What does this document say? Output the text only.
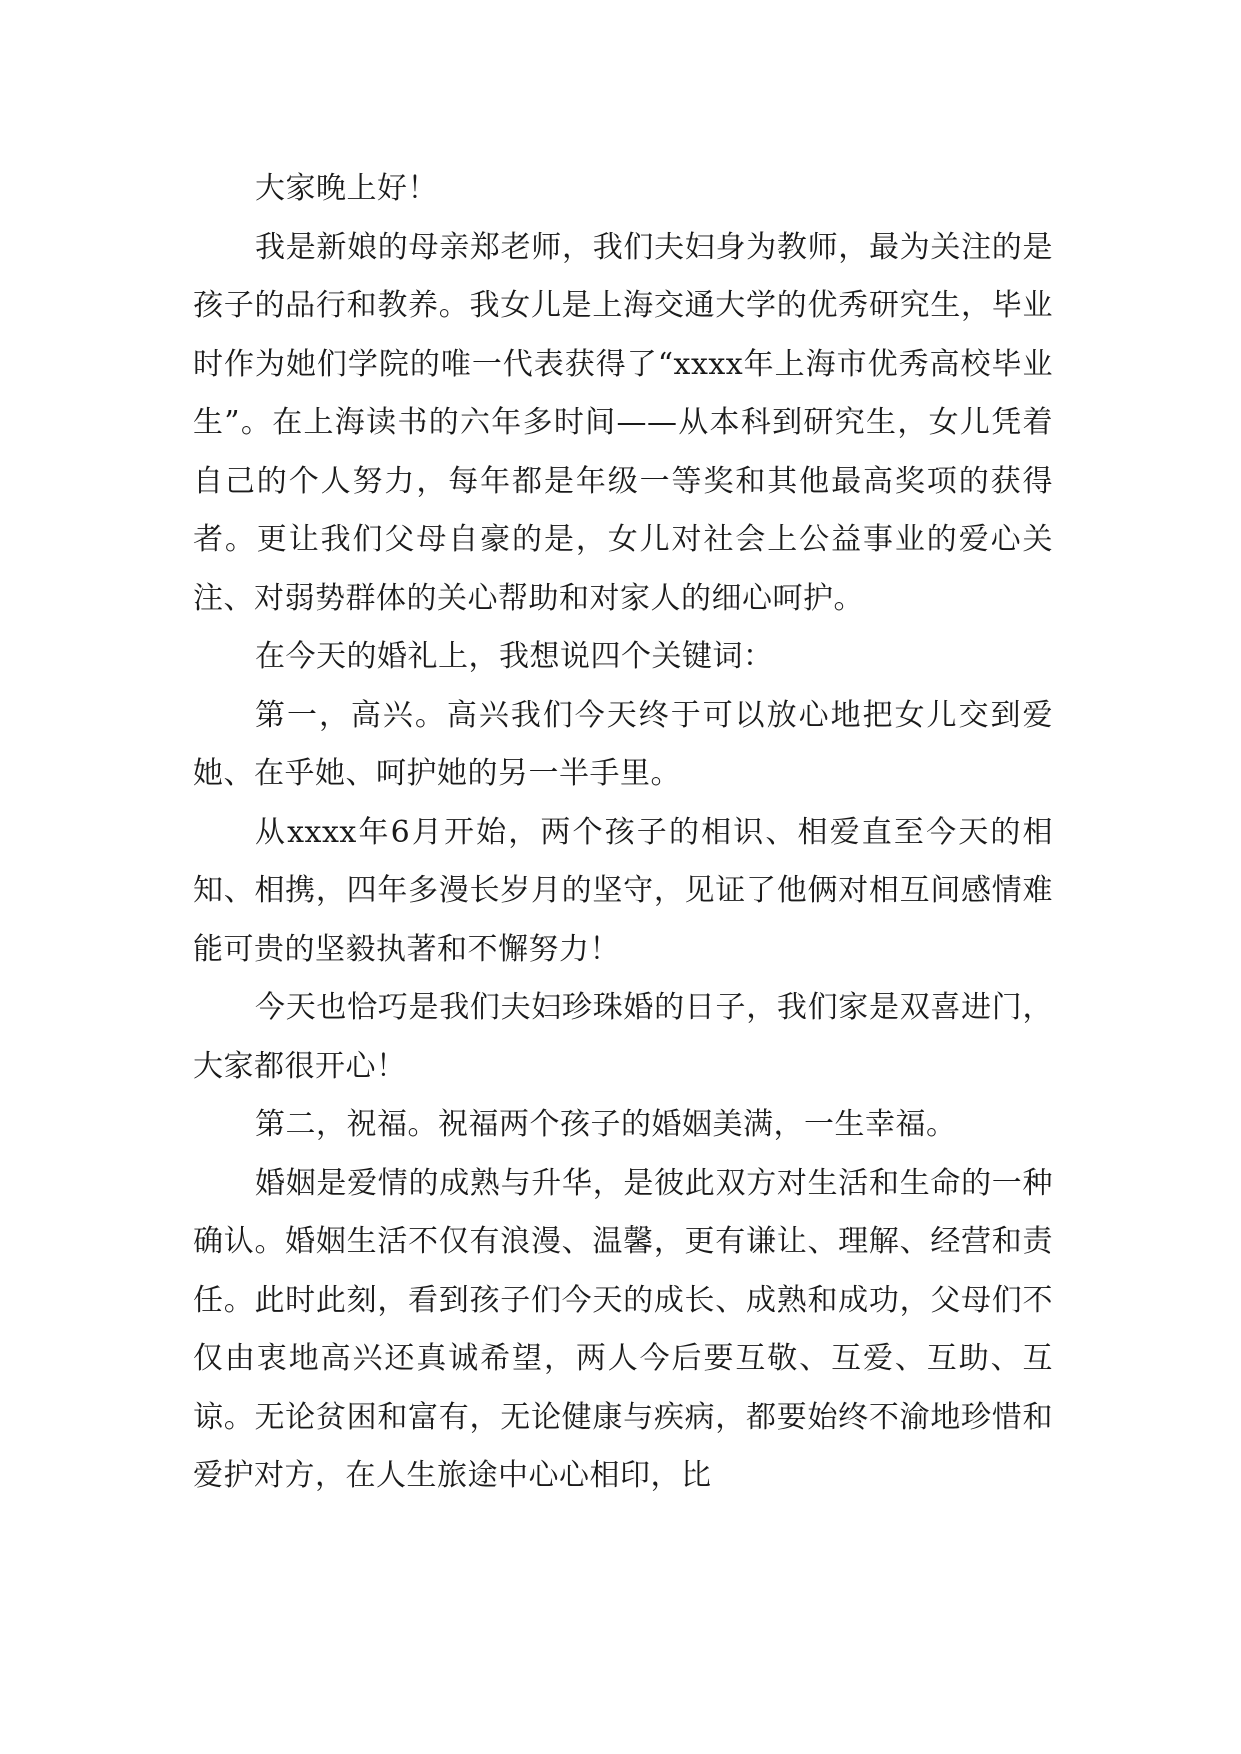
大家晚上好！

我是新娘的母亲郑老师，我们夫妇身为教师，最为关注的是孩子的品行和教养。我女儿是上海交通大学的优秀研究生，毕业时作为她们学院的唯一代表获得了“xxxx年上海市优秀高校毕业生”。在上海读书的六年多时间——从本科到研究生，女儿凭着自己的个人努力，每年都是年级一等奖和其他最高奖项的获得者。更让我们父母自豪的是，女儿对社会上公益事业的爱心关注、对弱势群体的关心帮助和对家人的细心呵护。

在今天的婚礼上，我想说四个关键词：

第一，高兴。高兴我们今天终于可以放心地把女儿交到爱她、在乎她、呵护她的另一半手里。

从xxxx年6月开始，两个孩子的相识、相爱直至今天的相知、相携，四年多漫长岁月的坚守，见证了他俩对相互间感情难能可贵的坚毅执著和不懈努力！

今天也恰巧是我们夫妇珍珠婚的日子，我们家是双喜进门，大家都很开心！

第二，祝福。祝福两个孩子的婚姻美满，一生幸福。

婚姻是爱情的成熟与升华，是彼此双方对生活和生命的一种确认。婚姻生活不仅有浪漫、温馨，更有谦让、理解、经营和责任。此时此刻，看到孩子们今天的成长、成熟和成功，父母们不仅由衷地高兴还真诚希望，两人今后要互敬、互爱、互助、互谅。无论贫困和富有，无论健康与疾病，都要始终不渝地珍惜和爱护对方，在人生旅途中心心相印，比
